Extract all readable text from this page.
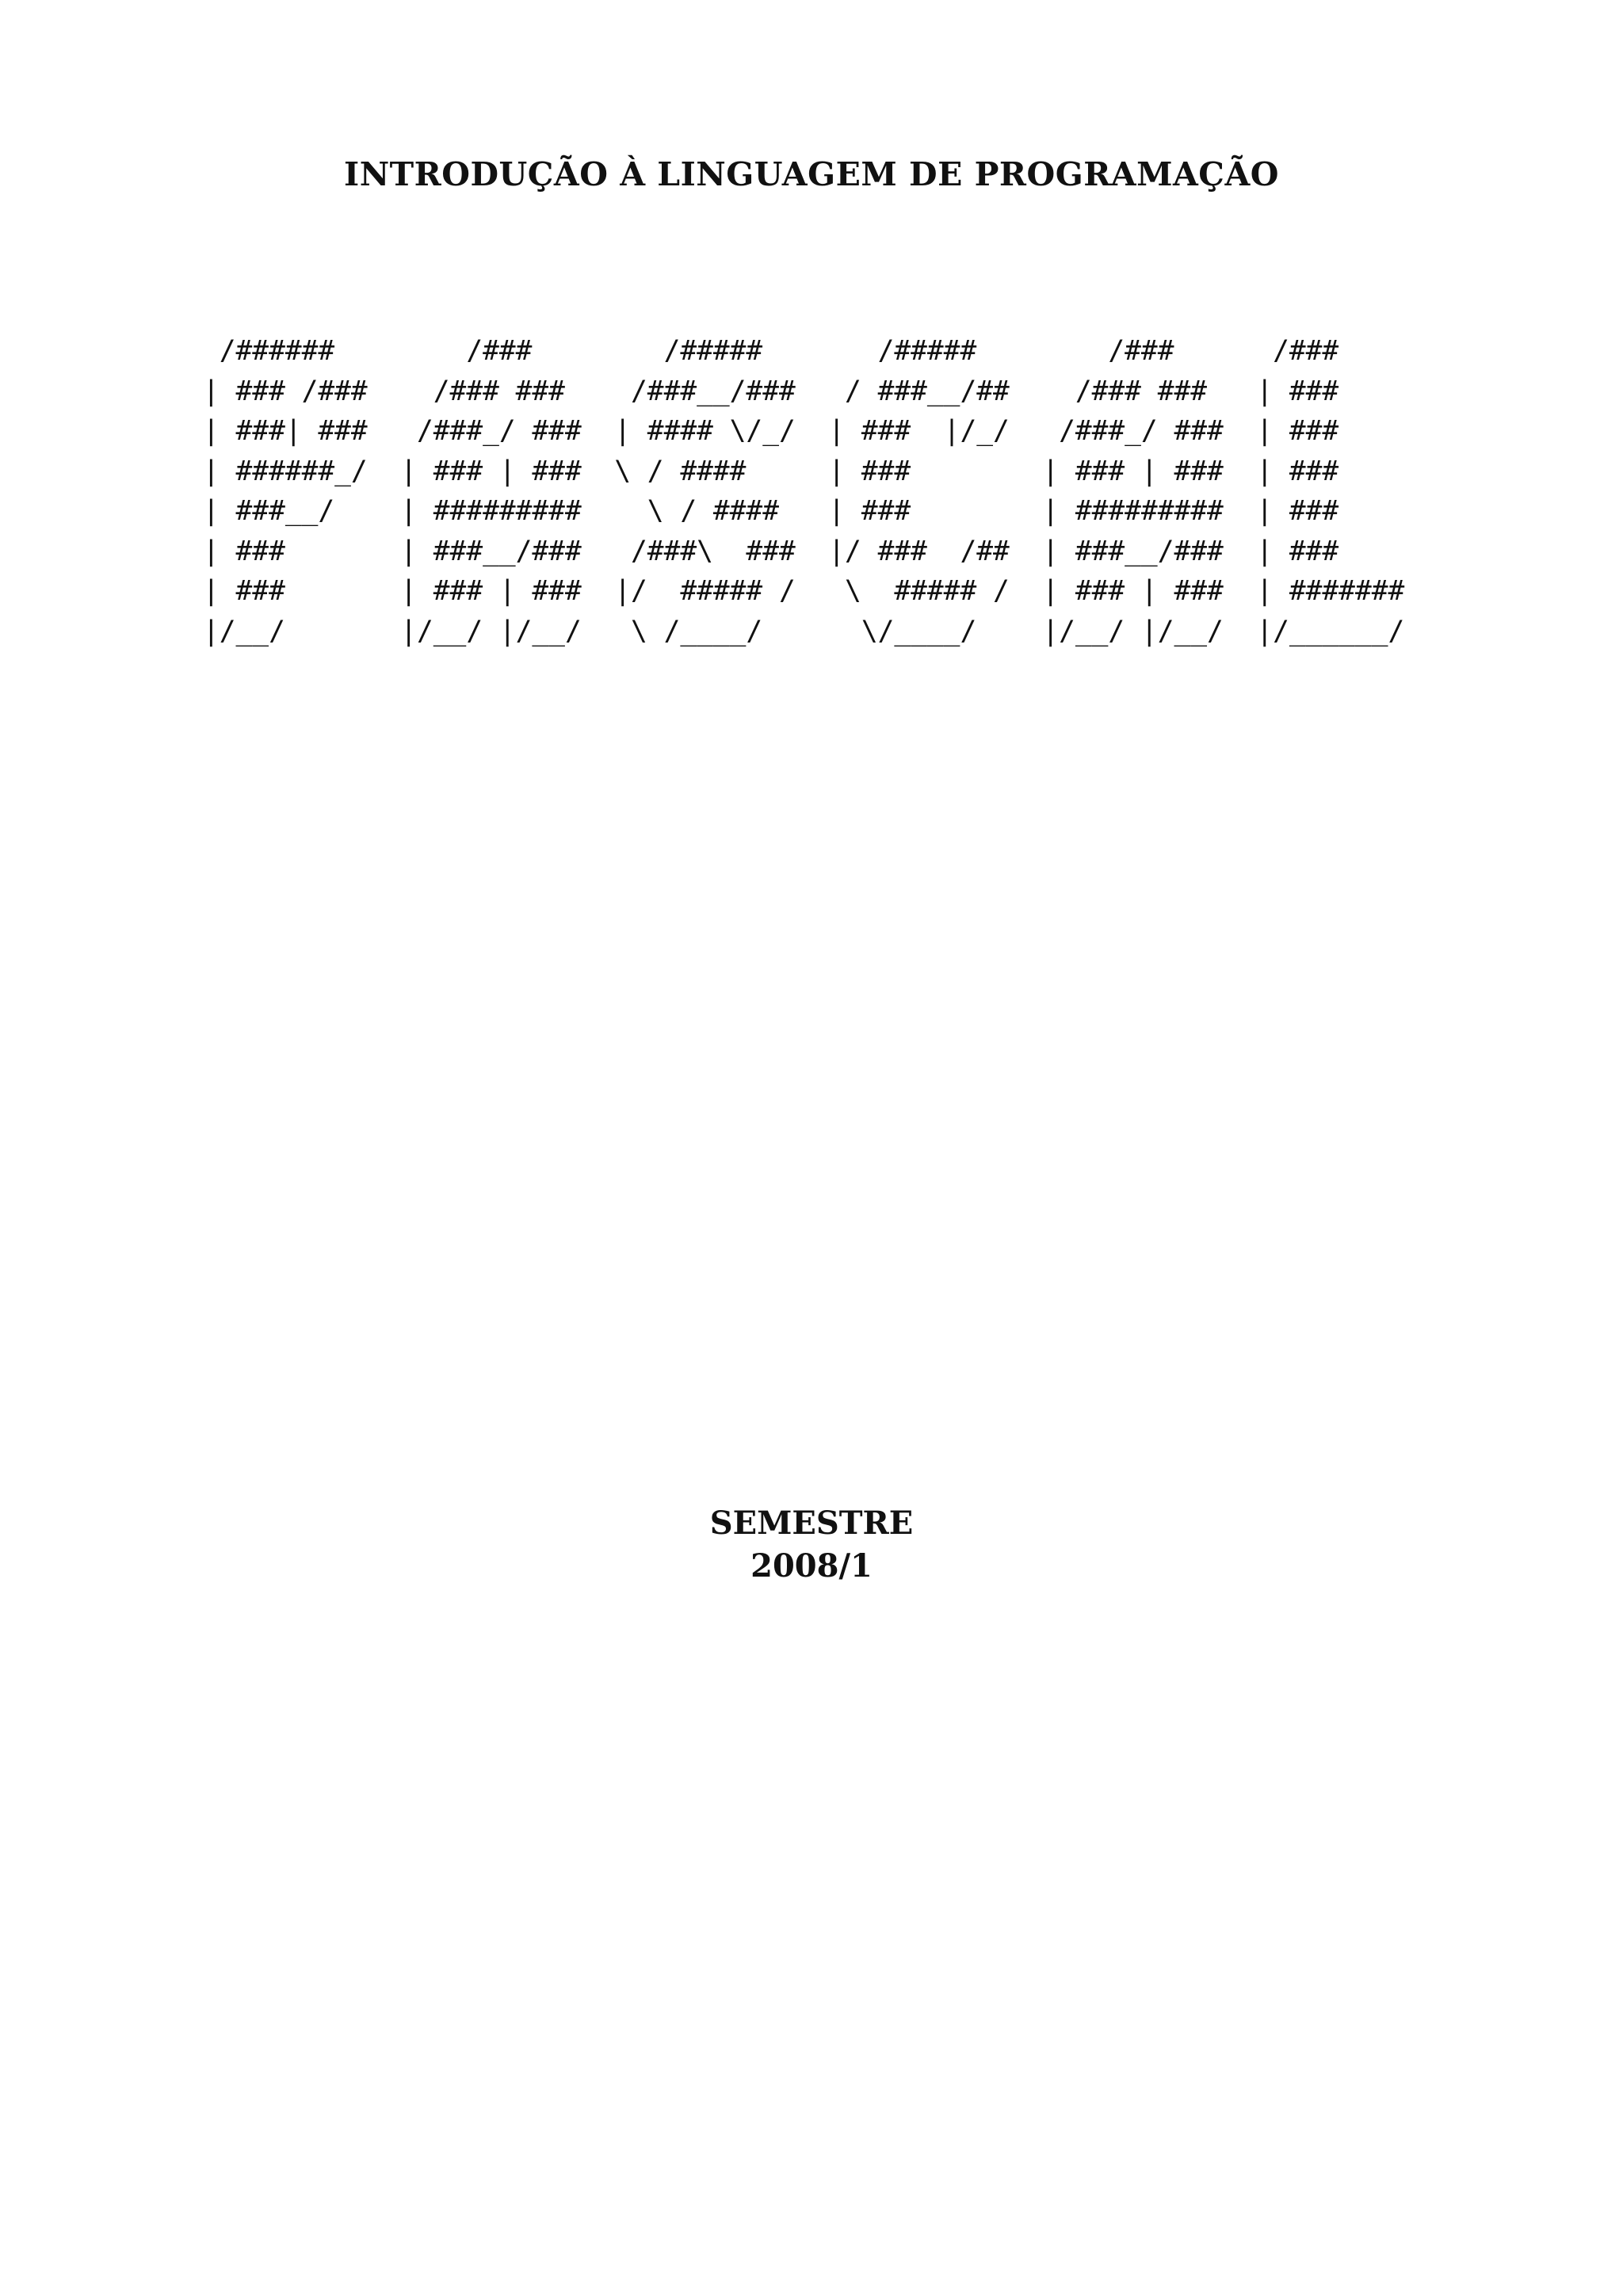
INTRODUÇÃO À LINGUAGEM DE PROGRAMAÇÃO
/######        /###        /#####       /#####        /###      /###
| ### /###    /### ###    /###__/###   / ###__/##    /### ###   | ###
| ###| ###   /###_/ ###  | #### \/_/  | ###  |/_/   /###_/ ###  | ###
| ######_/  | ### | ###  \ / ####     | ###        | ### | ###  | ###
| ###__/    | #########    \ / ####   | ###        | #########  | ###
| ###       | ###__/###   /###\  ###  |/ ###  /##  | ###__/###  | ###
| ###       | ### | ###  |/  ##### /   \  ##### /  | ### | ###  | #######
|/__/       |/__/ |/__/   \ /____/      \/____/    |/__/ |/__/  |/______/
SEMESTRE
2008/1
